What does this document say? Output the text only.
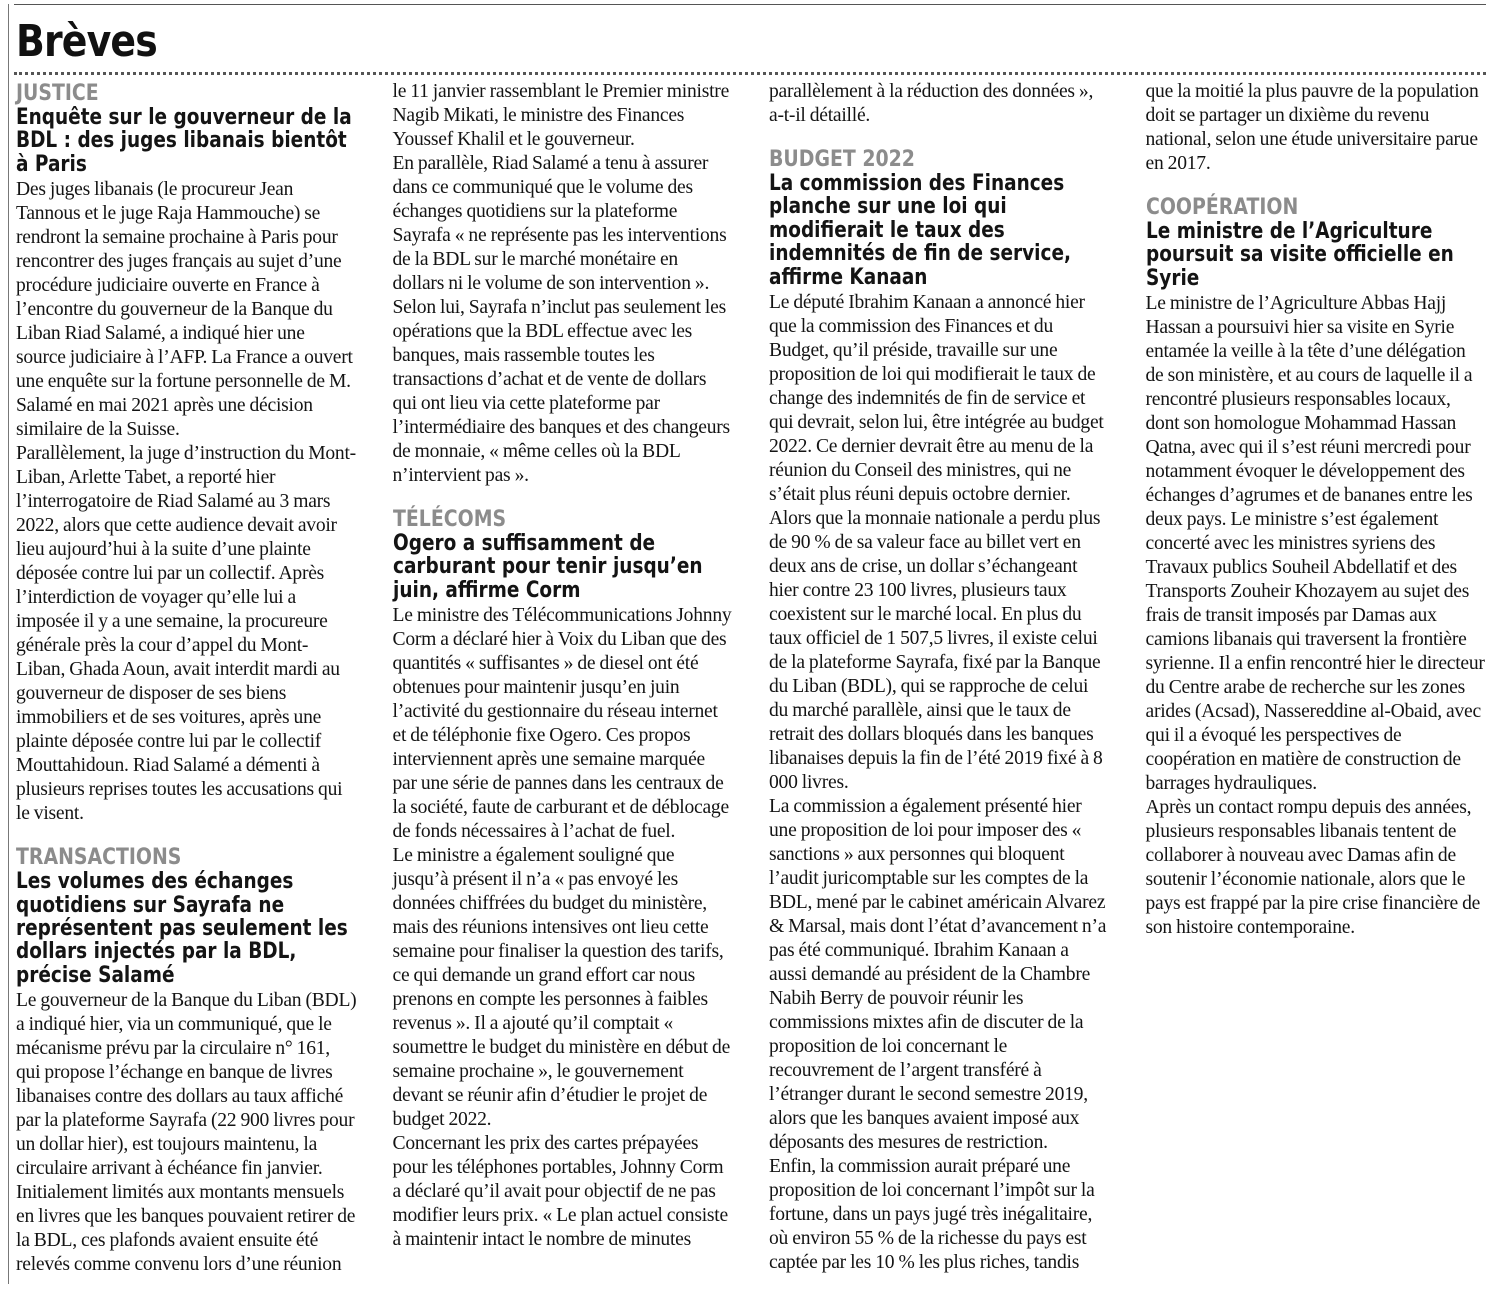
Brèves
JUSTICE
Enquête sur le gouverneur de la BDL : des juges libanais bientôt à Paris

Des juges libanais (le procureur Jean Tannous et le juge Raja Hammouche) se rendront la semaine prochaine à Paris pour rencontrer des juges français au sujet d’une procédure judiciaire ouverte en France à l’encontre du gouverneur de la Banque du Liban Riad Salamé, a indiqué hier une source judiciaire à l’AFP. La France a ouvert une enquête sur la fortune personnelle de M. Salamé en mai 2021 après une décision similaire de la Suisse.

Parallèlement, la juge d’instruction du Mont-Liban, Arlette Tabet, a reporté hier l’interrogatoire de Riad Salamé au 3 mars 2022, alors que cette audience devait avoir lieu aujourd’hui à la suite d’une plainte déposée contre lui par un collectif. Après l’interdiction de voyager qu’elle lui a imposée il y a une semaine, la procureure générale près la cour d’appel du Mont-Liban, Ghada Aoun, avait interdit mardi au gouverneur de disposer de ses biens immobiliers et de ses voitures, après une plainte déposée contre lui par le collectif Mouttahidoun. Riad Salamé a démenti à plusieurs reprises toutes les accusations qui le visent.

TRANSACTIONS
Les volumes des échanges quotidiens sur Sayrafa ne représentent pas seulement les dollars injectés par la BDL, précise Salamé

Le gouverneur de la Banque du Liban (BDL) a indiqué hier, via un communiqué, que le mécanisme prévu par la circulaire n° 161, qui propose l’échange en banque de livres libanaises contre des dollars au taux affiché par la plateforme Sayrafa (22 900 livres pour un dollar hier), est toujours maintenu, la circulaire arrivant à échéance fin janvier. Initialement limités aux montants mensuels en livres que les banques pouvaient retirer de la BDL, ces plafonds avaient ensuite été relevés comme convenu lors d’une réunion le 11 janvier rassemblant le Premier ministre Nagib Mikati, le ministre des Finances Youssef Khalil et le gouverneur.

En parallèle, Riad Salamé a tenu à assurer dans ce communiqué que le volume des échanges quotidiens sur la plateforme Sayrafa « ne représente pas les interventions de la BDL sur le marché monétaire en dollars ni le volume de son intervention ». Selon lui, Sayrafa n’inclut pas seulement les opérations que la BDL effectue avec les banques, mais rassemble toutes les transactions d’achat et de vente de dollars qui ont lieu via cette plateforme par l’intermédiaire des banques et des changeurs de monnaie, « même celles où la BDL n’intervient pas ».

TÉLÉCOMS
Ogero a suffisamment de carburant pour tenir jusqu’en juin, affirme Corm

Le ministre des Télécommunications Johnny Corm a déclaré hier à Voix du Liban que des quantités « suffisantes » de diesel ont été obtenues pour maintenir jusqu’en juin l’activité du gestionnaire du réseau internet et de téléphonie fixe Ogero. Ces propos interviennent après une semaine marquée par une série de pannes dans les centraux de la société, faute de carburant et de déblocage de fonds nécessaires à l’achat de fuel.

Le ministre a également souligné que jusqu’à présent il n’a « pas envoyé les données chiffrées du budget du ministère, mais des réunions intensives ont lieu cette semaine pour finaliser la question des tarifs, ce qui demande un grand effort car nous prenons en compte les personnes à faibles revenus ». Il a ajouté qu’il comptait « soumettre le budget du ministère en début de semaine prochaine », le gouvernement devant se réunir afin d’étudier le projet de budget 2022.

Concernant les prix des cartes prépayées pour les téléphones portables, Johnny Corm a déclaré qu’il avait pour objectif de ne pas modifier leurs prix. « Le plan actuel consiste à maintenir intact le nombre de minutes parallèlement à la réduction des données », a-t-il détaillé.

BUDGET 2022
La commission des Finances planche sur une loi qui modifierait le taux des indemnités de fin de service, affirme Kanaan

Le député Ibrahim Kanaan a annoncé hier que la commission des Finances et du Budget, qu’il préside, travaille sur une proposition de loi qui modifierait le taux de change des indemnités de fin de service et qui devrait, selon lui, être intégrée au budget 2022. Ce dernier devrait être au menu de la réunion du Conseil des ministres, qui ne s’était plus réuni depuis octobre dernier. Alors que la monnaie nationale a perdu plus de 90 % de sa valeur face au billet vert en deux ans de crise, un dollar s’échangeant hier contre 23 100 livres, plusieurs taux coexistent sur le marché local. En plus du taux officiel de 1 507,5 livres, il existe celui de la plateforme Sayrafa, fixé par la Banque du Liban (BDL), qui se rapproche de celui du marché parallèle, ainsi que le taux de retrait des dollars bloqués dans les banques libanaises depuis la fin de l’été 2019 fixé à 8 000 livres.

La commission a également présenté hier une proposition de loi pour imposer des « sanctions » aux personnes qui bloquent l’audit juricomptable sur les comptes de la BDL, mené par le cabinet américain Alvarez & Marsal, mais dont l’état d’avancement n’a pas été communiqué. Ibrahim Kanaan a aussi demandé au président de la Chambre Nabih Berry de pouvoir réunir les commissions mixtes afin de discuter de la proposition de loi concernant le recouvrement de l’argent transféré à l’étranger durant le second semestre 2019, alors que les banques avaient imposé aux déposants des mesures de restriction.

Enfin, la commission aurait préparé une proposition de loi concernant l’impôt sur la fortune, dans un pays jugé très inégalitaire, où environ 55 % de la richesse du pays est captée par les 10 % les plus riches, tandis que la moitié la plus pauvre de la population doit se partager un dixième du revenu national, selon une étude universitaire parue en 2017.

COOPÉRATION
Le ministre de l’Agriculture poursuit sa visite officielle en Syrie

Le ministre de l’Agriculture Abbas Hajj Hassan a poursuivi hier sa visite en Syrie entamée la veille à la tête d’une délégation de son ministère, et au cours de laquelle il a rencontré plusieurs responsables locaux, dont son homologue Mohammad Hassan Qatna, avec qui il s’est réuni mercredi pour notamment évoquer le développement des échanges d’agrumes et de bananes entre les deux pays. Le ministre s’est également concerté avec les ministres syriens des Travaux publics Souheil Abdellatif et des Transports Zouheir Khozayem au sujet des frais de transit imposés par Damas aux camions libanais qui traversent la frontière syrienne. Il a enfin rencontré hier le directeur du Centre arabe de recherche sur les zones arides (Acsad), Nassereddine al-Obaid, avec qui il a évoqué les perspectives de coopération en matière de construction de barrages hydrauliques.

Après un contact rompu depuis des années, plusieurs responsables libanais tentent de collaborer à nouveau avec Damas afin de soutenir l’économie nationale, alors que le pays est frappé par la pire crise financière de son histoire contemporaine.
